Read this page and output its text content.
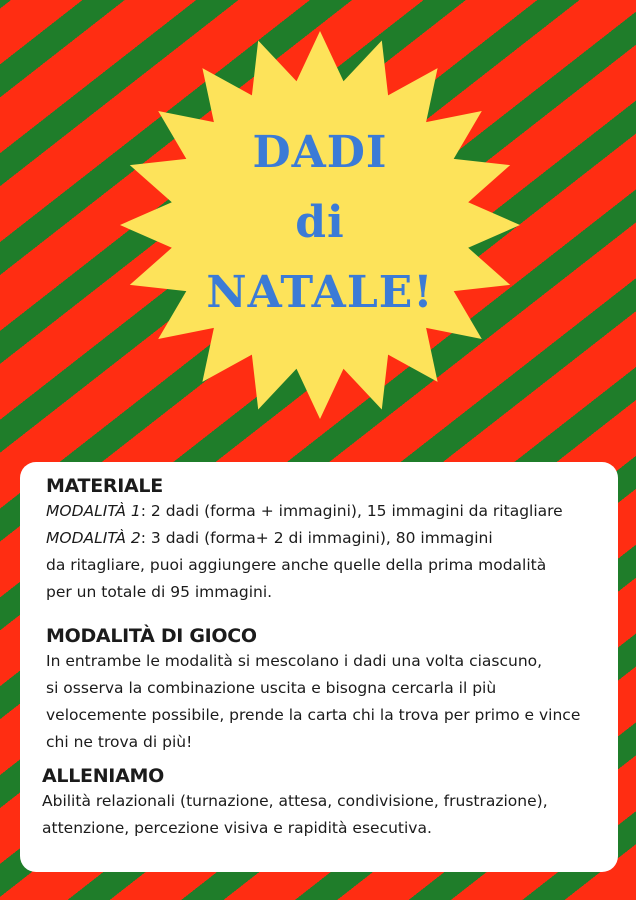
DADI
di
NATALE!
MATERIALE
MODALITÀ 1: 2 dadi (forma + immagini), 15 immagini da ritagliare
MODALITÀ 2: 3 dadi (forma+ 2 di immagini), 80 immagini
da ritagliare, puoi aggiungere anche quelle della prima modalità
per un totale di 95 immagini.
MODALITÀ DI GIOCO
In entrambe le modalità si mescolano i dadi una volta ciascuno,
si osserva la combinazione uscita e bisogna cercarla il più
velocemente possibile, prende la carta chi la trova per primo e vince
chi ne trova di più!
ALLENIAMO
Abilità relazionali (turnazione, attesa, condivisione, frustrazione),
attenzione, percezione visiva e rapidità esecutiva.
